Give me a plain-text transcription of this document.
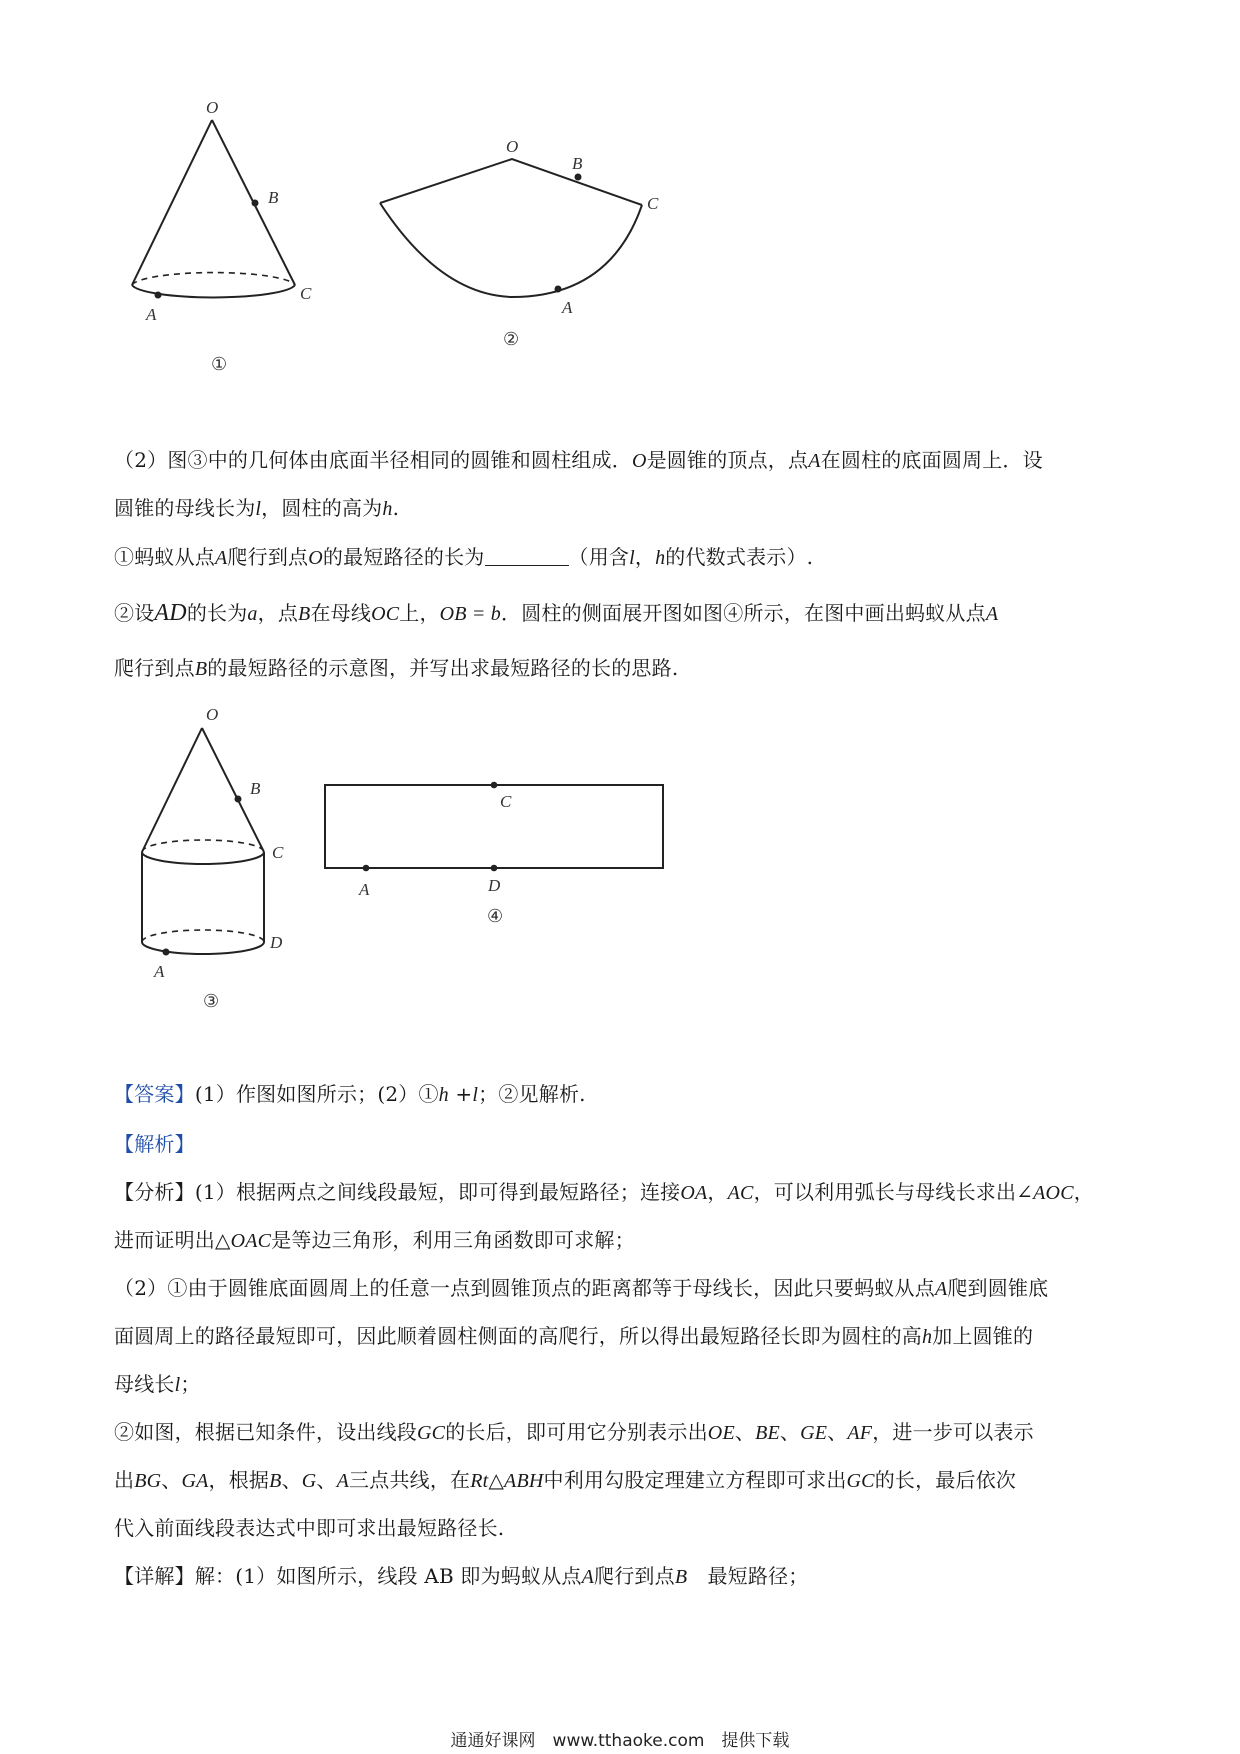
O
B
C
A
①
O
B
C
A
②
（2）图③中的几何体由底面半径相同的圆锥和圆柱组成．O是圆锥的顶点，点A在圆柱的底面圆周上．设
圆锥的母线长为l，圆柱的高为h.
①蚂蚁从点A爬行到点O的最短路径的长为	（用含l，h的代数式表示）.
②设AD的长为a，点B在母线OC上，OB = b．圆柱的侧面展开图如图④所示，在图中画出蚂蚁从点A
爬行到点B的最短路径的示意图，并写出求最短路径的长的思路.
O
B
C
D
A
③
C
A	D
④
【答案】(1）作图如图所示；(2）①h +l；②见解析.
【解析】
【分析】(1）根据两点之间线段最短，即可得到最短路径；连接OA，AC，可以利用弧长与母线长求出∠AOC，
进而证明出△OAC是等边三角形，利用三角函数即可求解；
（2）①由于圆锥底面圆周上的任意一点到圆锥顶点的距离都等于母线长，因此只要蚂蚁从点A爬到圆锥底
面圆周上的路径最短即可，因此顺着圆柱侧面的高爬行，所以得出最短路径长即为圆柱的高h加上圆锥的
母线长l；
②如图，根据已知条件，设出线段GC的长后，即可用它分别表示出OE、BE、GE、AF，进一步可以表示
出BG、GA，根据B、G、A三点共线，在Rt△ABH中利用勾股定理建立方程即可求出GC的长，最后依次
代入前面线段表达式中即可求出最短路径长.
【详解】解：(1）如图所示，线段 AB 即为蚂蚁从点A爬行到点B　最短路径；
通通好课网　www.tthaoke.com　提供下载
